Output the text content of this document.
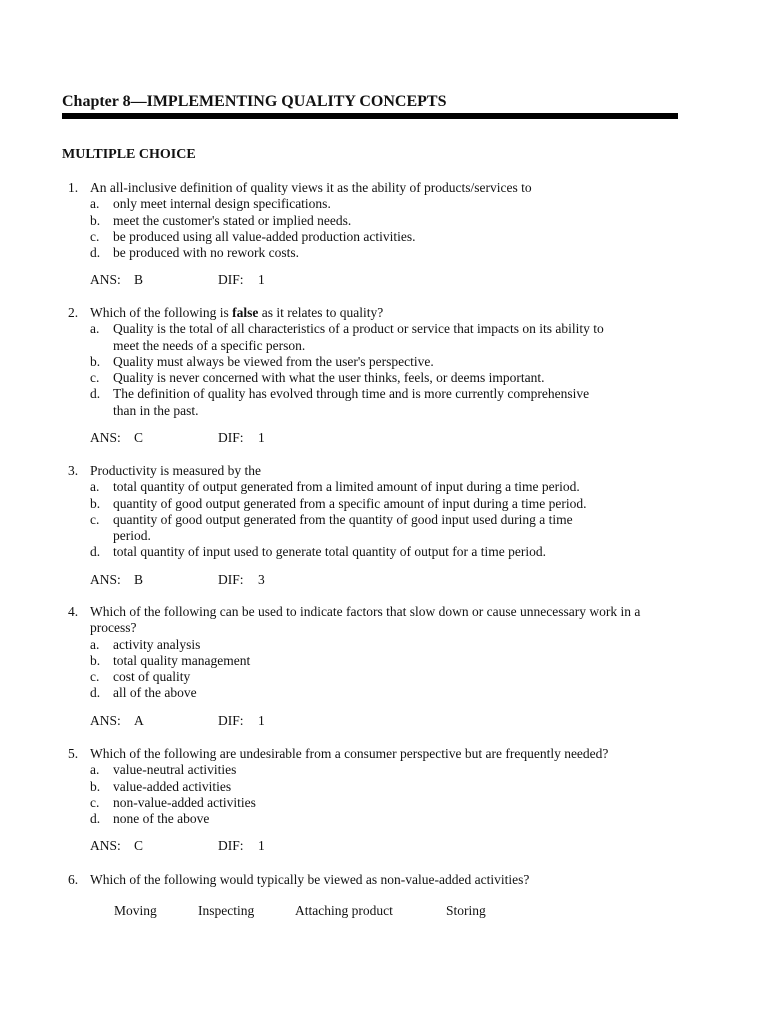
Chapter 8—IMPLEMENTING QUALITY CONCEPTS
MULTIPLE CHOICE
1. An all-inclusive definition of quality views it as the ability of products/services to
a. only meet internal design specifications.
b. meet the customer's stated or implied needs.
c. be produced using all value-added production activities.
d. be produced with no rework costs.
ANS: B	DIF: 1
2. Which of the following is false as it relates to quality?
a. Quality is the total of all characteristics of a product or service that impacts on its ability to meet the needs of a specific person.
b. Quality must always be viewed from the user's perspective.
c. Quality is never concerned with what the user thinks, feels, or deems important.
d. The definition of quality has evolved through time and is more currently comprehensive than in the past.
ANS: C	DIF: 1
3. Productivity is measured by the
a. total quantity of output generated from a limited amount of input during a time period.
b. quantity of good output generated from a specific amount of input during a time period.
c. quantity of good output generated from the quantity of good input used during a time period.
d. total quantity of input used to generate total quantity of output for a time period.
ANS: B	DIF: 3
4. Which of the following can be used to indicate factors that slow down or cause unnecessary work in a process?
a. activity analysis
b. total quality management
c. cost of quality
d. all of the above
ANS: A	DIF: 1
5. Which of the following are undesirable from a consumer perspective but are frequently needed?
a. value-neutral activities
b. value-added activities
c. non-value-added activities
d. none of the above
ANS: C	DIF: 1
6. Which of the following would typically be viewed as non-value-added activities?
Moving	Inspecting	Attaching product	Storing
